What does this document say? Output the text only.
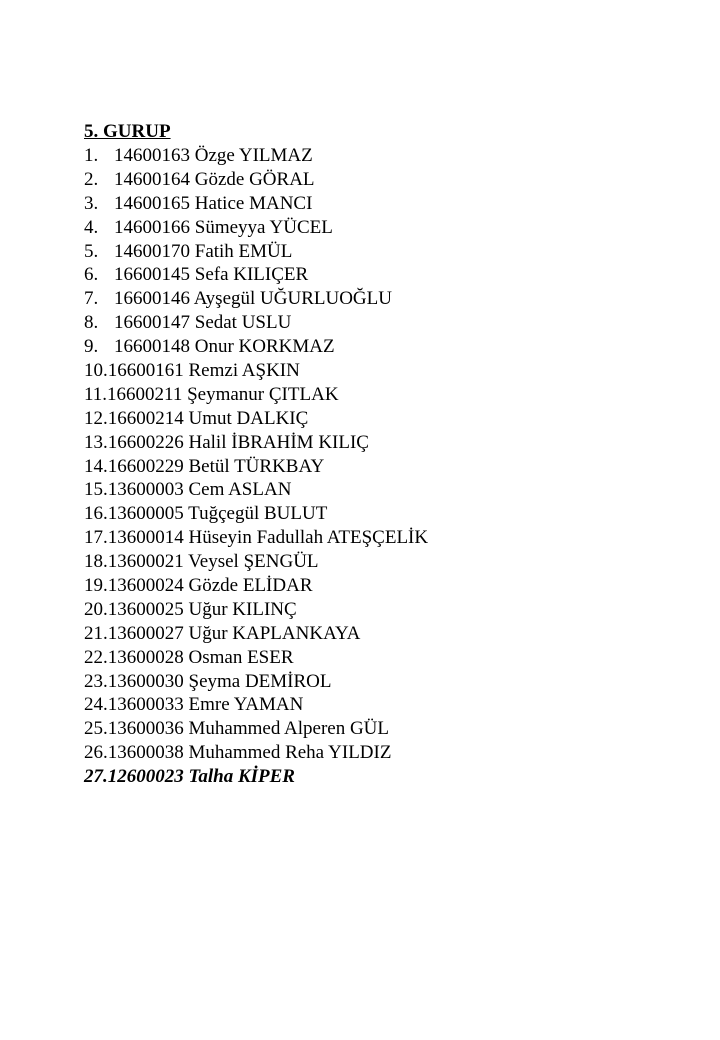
5. GURUP
1. 14600163 Özge YILMAZ
2. 14600164 Gözde GÖRAL
3. 14600165 Hatice MANCI
4. 14600166 Sümeyya YÜCEL
5. 14600170 Fatih EMÜL
6. 16600145 Sefa KILIÇER
7. 16600146 Ayşegül UĞURLUOĞLU
8. 16600147 Sedat USLU
9. 16600148 Onur KORKMAZ
10. 16600161 Remzi AŞKIN
11. 16600211 Şeymanur ÇITLAK
12. 16600214 Umut DALKIÇ
13. 16600226 Halil İBRAHİM KILIÇ
14. 16600229 Betül TÜRKBAY
15. 13600003 Cem ASLAN
16. 13600005 Tuğçegül BULUT
17. 13600014 Hüseyin Fadullah ATEŞÇELİK
18. 13600021 Veysel ŞENGÜL
19. 13600024 Gözde ELİDAR
20. 13600025 Uğur KILINÇ
21. 13600027 Uğur KAPLANKAYA
22. 13600028 Osman ESER
23. 13600030 Şeyma DEMİROL
24. 13600033 Emre YAMAN
25. 13600036 Muhammed Alperen GÜL
26. 13600038 Muhammed Reha YILDIZ
27. 12600023 Talha KİPER
